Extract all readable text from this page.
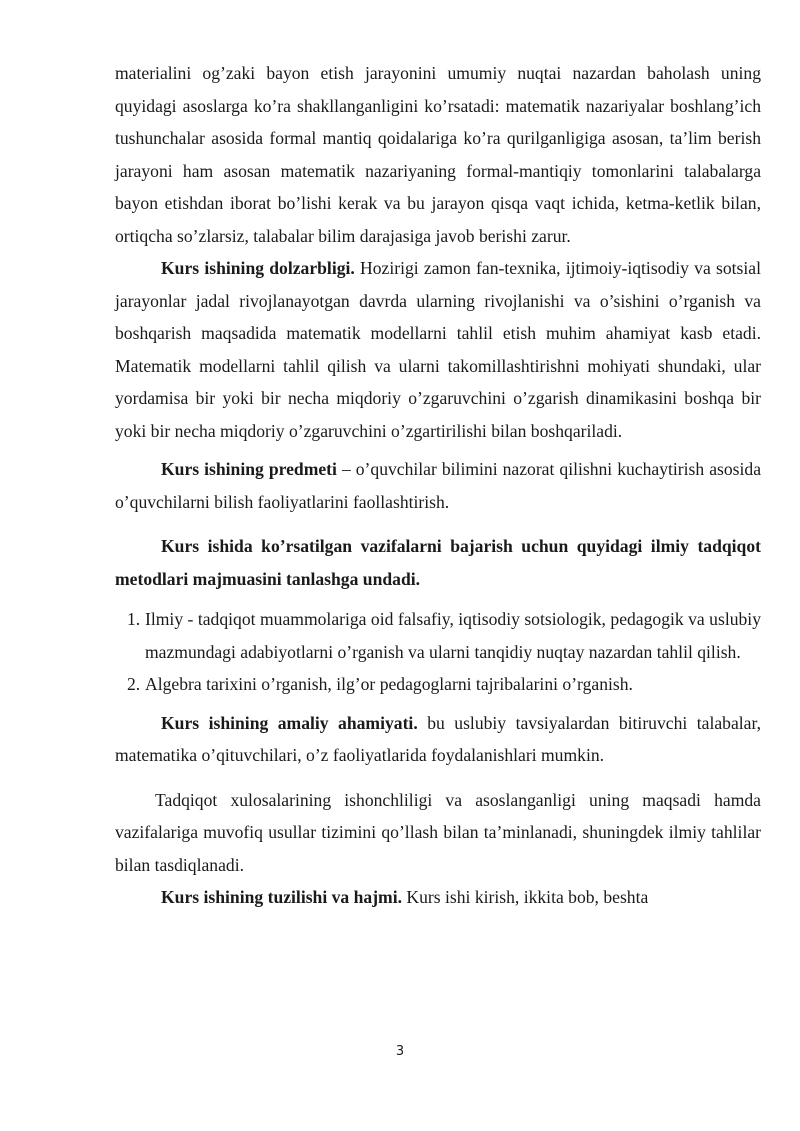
materialini og’zaki bayon etish jarayonini umumiy nuqtai nazardan baholash uning quyidagi asoslarga ko’ra shakllanganligini ko’rsatadi: matematik nazariyalar boshlang’ich tushunchalar asosida formal mantiq qoidalariga ko’ra qurilganligiga asosan, ta’lim berish jarayoni ham asosan matematik nazariyaning formal-mantiqiy tomonlarini talabalarga bayon etishdan iborat bo’lishi kerak va bu jarayon qisqa vaqt ichida, ketma-ketlik bilan, ortiqcha so’zlarsiz, talabalar bilim darajasiga javob berishi zarur.

Kurs ishining dolzarbligi. Hozirigi zamon fan-texnika, ijtimoiy-iqtisodiy va sotsial jarayonlar jadal rivojlanayotgan davrda ularning rivojlanishi va o’sishini o’rganish va boshqarish maqsadida matematik modellarni tahlil etish muhim ahamiyat kasb etadi. Matematik modellarni tahlil qilish va ularni takomillashtirishni mohiyati shundaki, ular yordamisa bir yoki bir necha miqdoriy o’zgaruvchini o’zgarish dinamikasini boshqa bir yoki bir necha miqdoriy o’zgaruvchini o’zgartirilishi bilan boshqariladi.

Kurs ishining predmeti – o’quvchilar bilimini nazorat qilishni kuchaytirish asosida o’quvchilarni bilish faoliyatlarini faollashtirish.

Kurs ishida ko’rsatilgan vazifalarni bajarish uchun quyidagi ilmiy tadqiqot metodlari majmuasini tanlashga undadi.

1. Ilmiy - tadqiqot muammolariga oid falsafiy, iqtisodiy sotsiologik, pedagogik va uslubiy mazmundagi adabiyotlarni o’rganish va ularni tanqidiy nuqtay nazardan tahlil qilish.
2. Algebra tarixini o’rganish, ilg’or pedagoglarni tajribalarini o’rganish.

Kurs ishining amaliy ahamiyati. bu uslubiy tavsiyalardan bitiruvchi talabalar, matematika o’qituvchilari, o’z faoliyatlarida foydalanishlari mumkin.

Tadqiqot xulosalarining ishonchliligi va asoslanganligi uning maqsadi hamda vazifalariga muvofiq usullar tizimini qo’llash bilan ta’minlanadi, shuningdek ilmiy tahlilar bilan tasdiqlanadi.

Kurs ishining tuzilishi va hajmi. Kurs ishi kirish, ikkita bob, beshta

3
